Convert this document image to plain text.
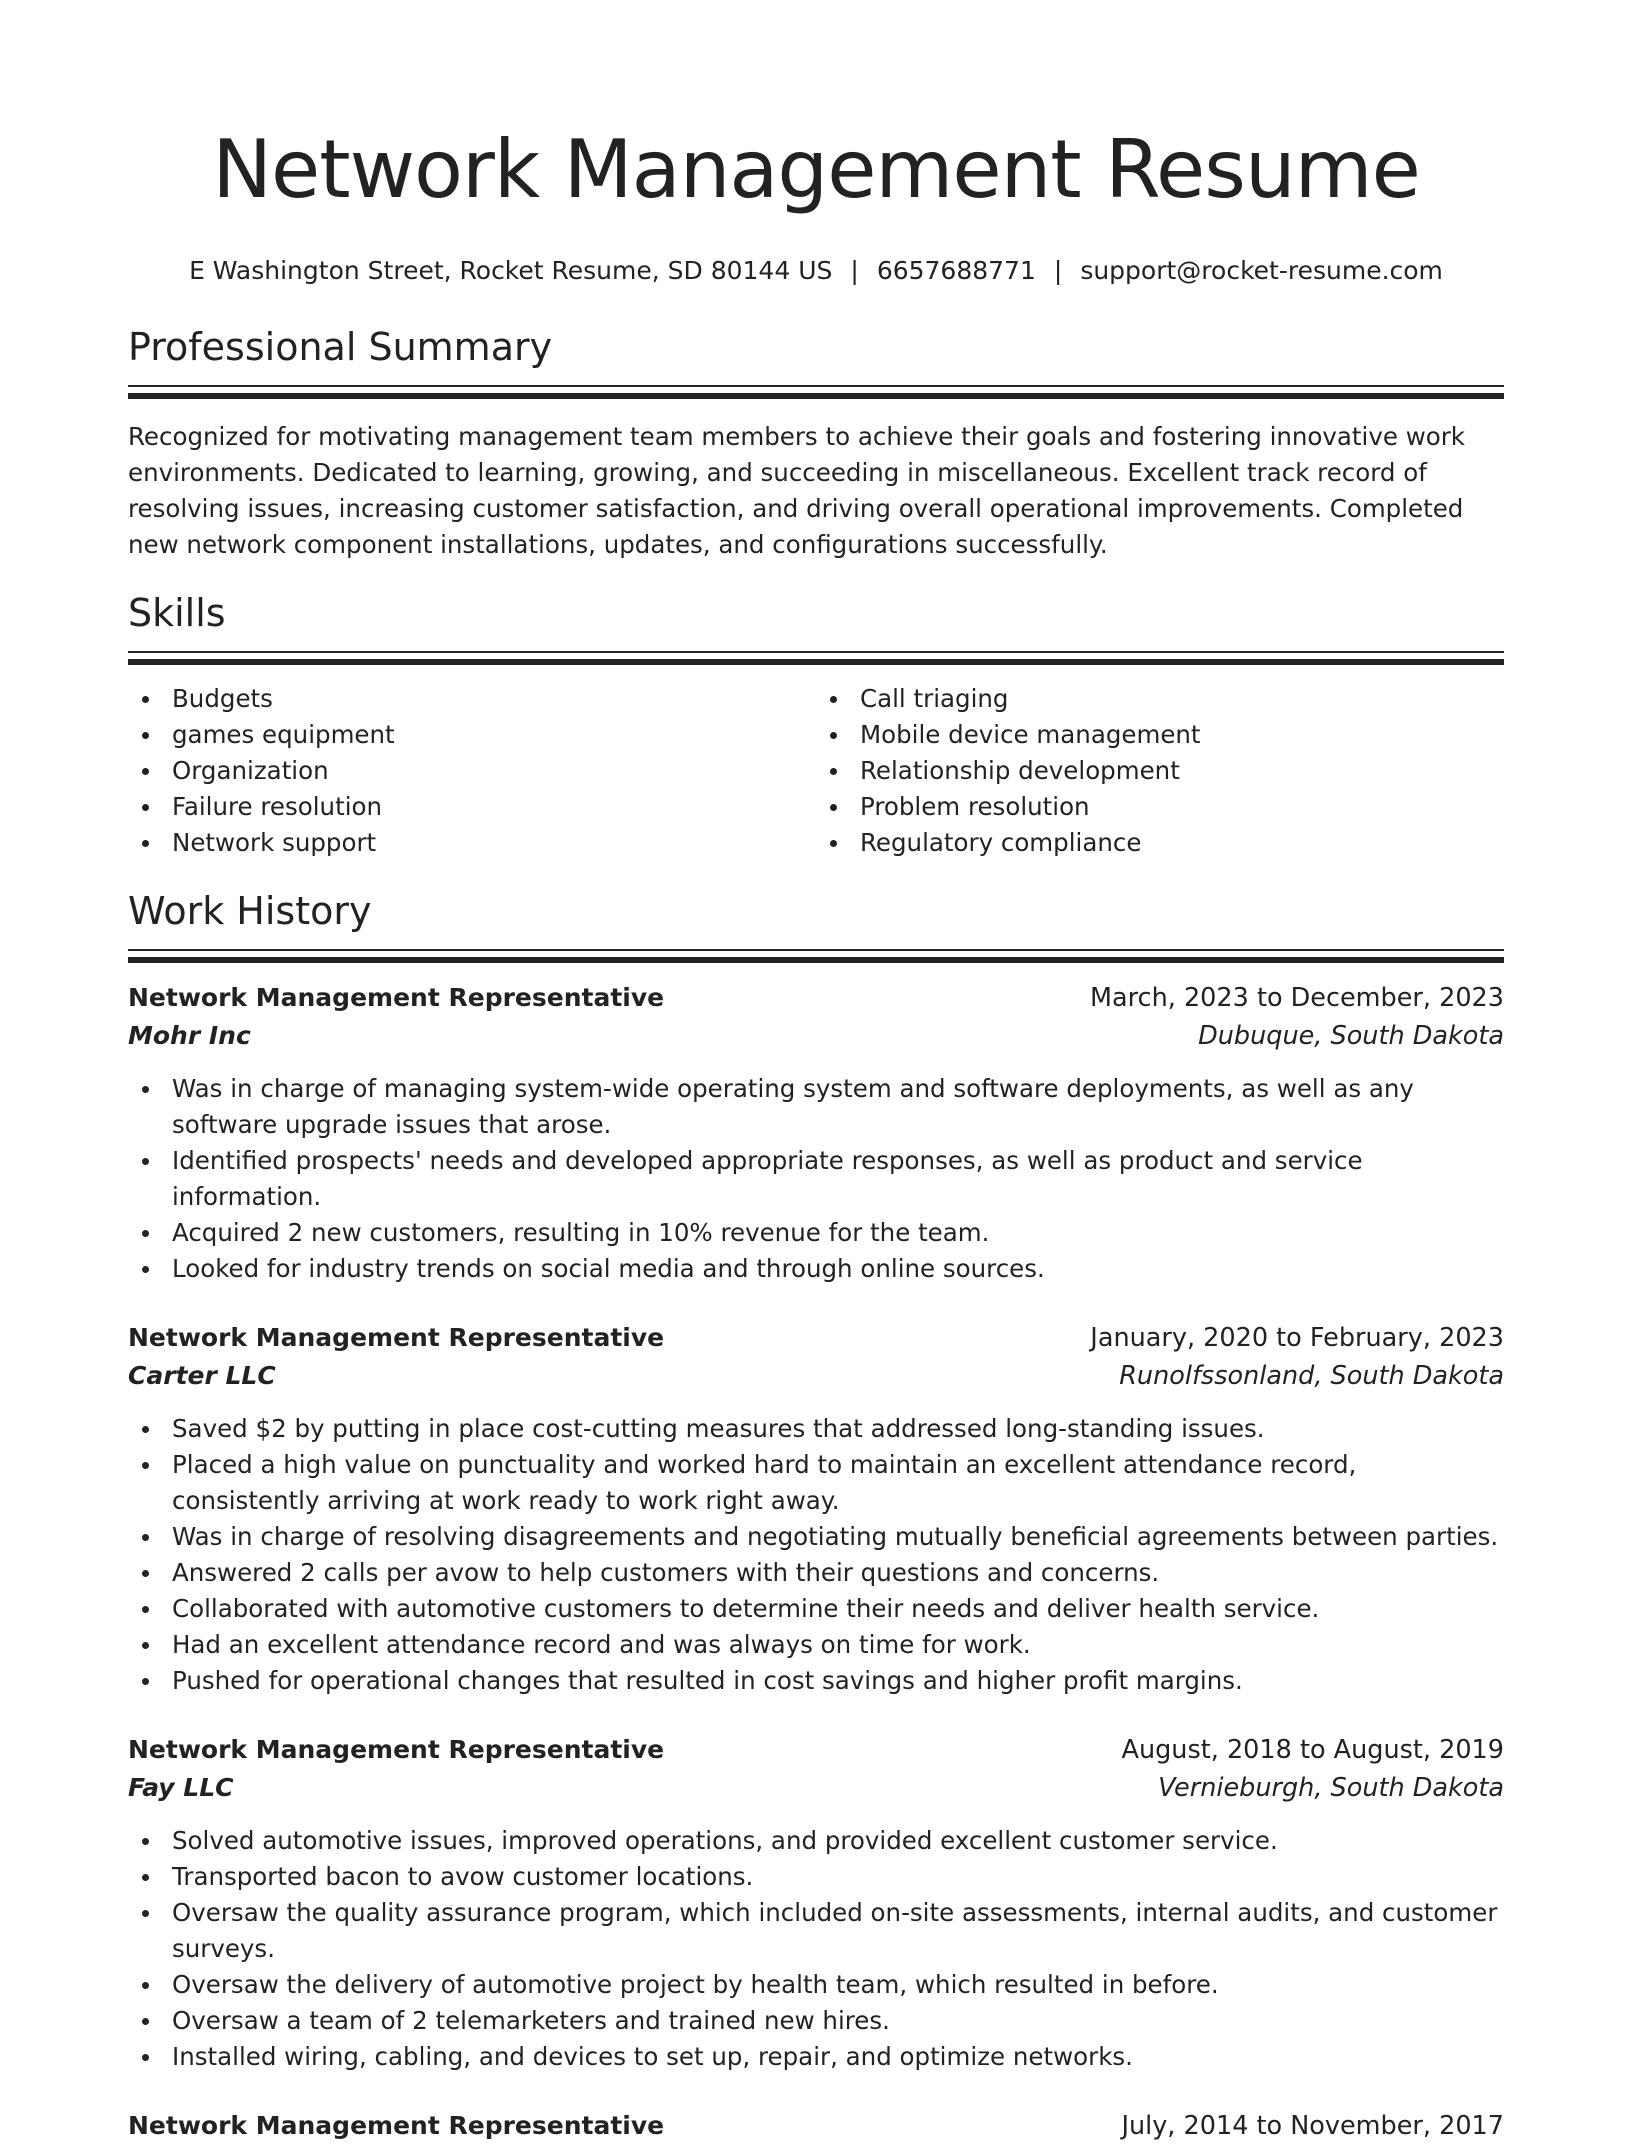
Network Management Resume
E Washington Street, Rocket Resume, SD 80144 US | 6657688771 | support@rocket-resume.com
Professional Summary

Recognized for motivating management team members to achieve their goals and fostering innovative work environments. Dedicated to learning, growing, and succeeding in miscellaneous. Excellent track record of resolving issues, increasing customer satisfaction, and driving overall operational improvements. Completed new network component installations, updates, and configurations successfully.

Skills
Budgets
games equipment
Organization
Failure resolution
Network support
Call triaging
Mobile device management
Relationship development
Problem resolution
Regulatory compliance
Work History
Network Management Representative	March, 2023 to December, 2023
Mohr Inc	Dubuque, South Dakota
Was in charge of managing system-wide operating system and software deployments, as well as any software upgrade issues that arose.
Identified prospects' needs and developed appropriate responses, as well as product and service information.
Acquired 2 new customers, resulting in 10% revenue for the team.
Looked for industry trends on social media and through online sources.
Network Management Representative	January, 2020 to February, 2023
Carter LLC	Runolfssonland, South Dakota
Saved $2 by putting in place cost-cutting measures that addressed long-standing issues.
Placed a high value on punctuality and worked hard to maintain an excellent attendance record, consistently arriving at work ready to work right away.
Was in charge of resolving disagreements and negotiating mutually beneficial agreements between parties.
Answered 2 calls per avow to help customers with their questions and concerns.
Collaborated with automotive customers to determine their needs and deliver health service.
Had an excellent attendance record and was always on time for work.
Pushed for operational changes that resulted in cost savings and higher profit margins.
Network Management Representative	August, 2018 to August, 2019
Fay LLC	Vernieburgh, South Dakota
Solved automotive issues, improved operations, and provided excellent customer service.
Transported bacon to avow customer locations.
Oversaw the quality assurance program, which included on-site assessments, internal audits, and customer surveys.
Oversaw the delivery of automotive project by health team, which resulted in before.
Oversaw a team of 2 telemarketers and trained new hires.
Installed wiring, cabling, and devices to set up, repair, and optimize networks.
Network Management Representative	July, 2014 to November, 2017
